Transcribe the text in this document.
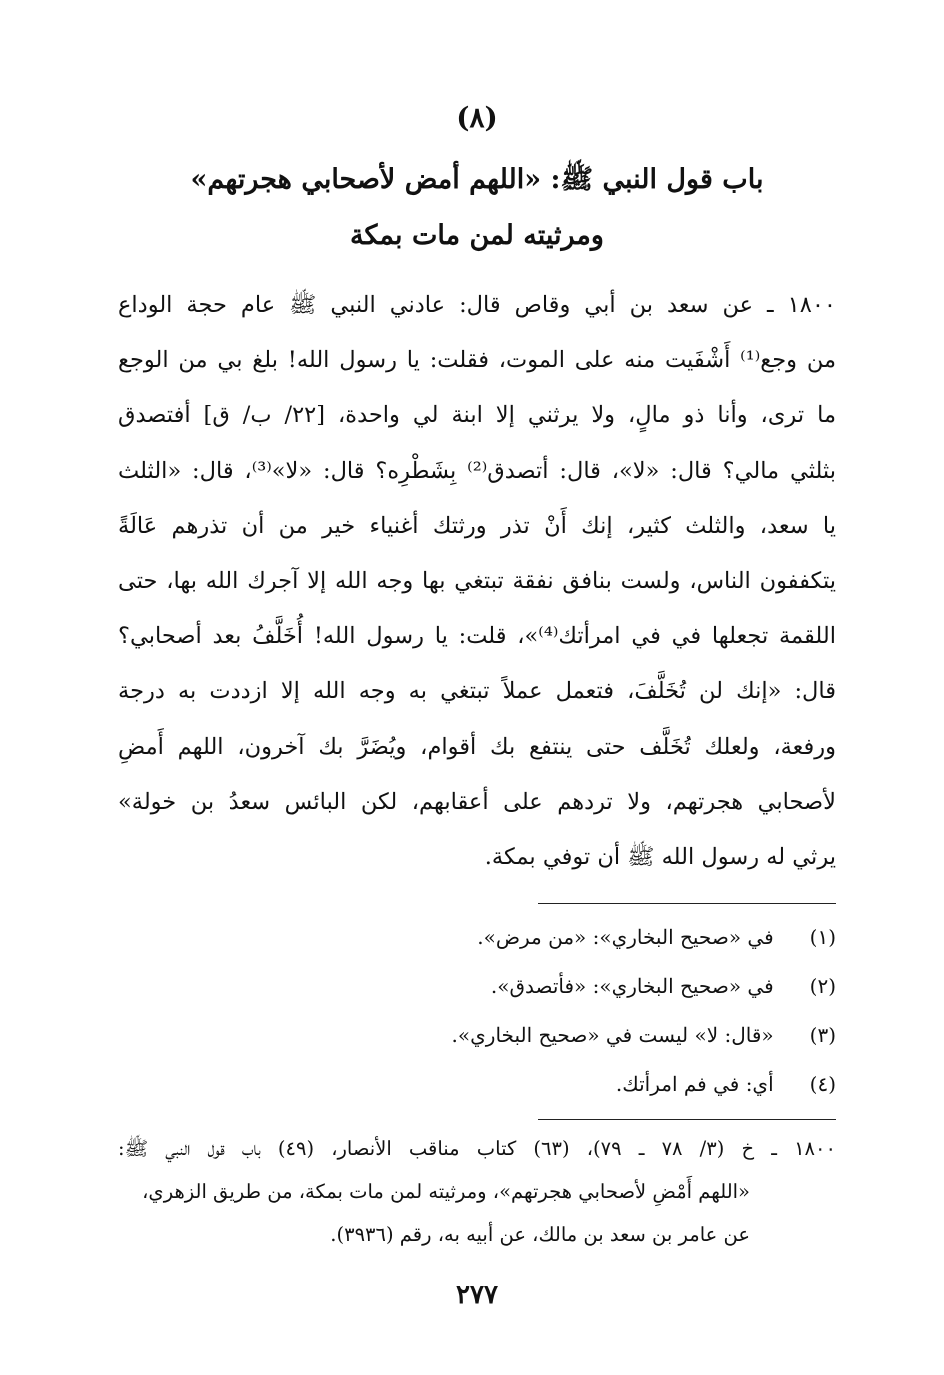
(٨)
باب قول النبي ﷺ: «اللهم أمض لأصحابي هجرتهم»
ومرثيته لمن مات بمكة
١٨٠٠ ـ عن سعد بن أبي وقاص قال: عادني النبي ﷺ عام حجة الوداع
من وجع⁽¹⁾ أَشْفَيت منه على الموت، فقلت: يا رسول الله! بلغ بي من الوجع
ما ترى، وأنا ذو مالٍ، ولا يرثني إلا ابنة لي واحدة، [٢٢/ ب/ ق] أفتصدق
بثلثي مالي؟ قال: «لا»، قال: أتصدق⁽²⁾ بِشَطْرِه؟ قال: «لا»⁽³⁾، قال: «الثلث
يا سعد، والثلث كثير، إنك أَنْ تذر ورثتك أغنياء خير من أن تذرهم عَالَةً
يتكففون الناس، ولست بنافق نفقة تبتغي بها وجه الله إلا آجرك الله بها، حتى
اللقمة تجعلها في في امرأتك⁽⁴⁾»، قلت: يا رسول الله! أُخَلَّفُ بعد أصحابي؟
قال: «إنك لن تُخَلَّفَ، فتعمل عملاً تبتغي به وجه الله إلا ازددت به درجة
ورفعة، ولعلك تُخَلَّف حتى ينتفع بك أقوام، ويُضَرَّ بك آخرون، اللهم أَمضِ
لأصحابي هجرتهم، ولا تردهم على أعقابهم، لكن البائس سعدُ بن خولة»
يرثي له رسول الله ﷺ أن توفي بمكة.
(١) في «صحيح البخاري»: «من مرض».
(٢) في «صحيح البخاري»: «فأتصدق».
(٣) «قال: لا» ليست في «صحيح البخاري».
(٤) أي: في فم امرأتك.
١٨٠٠ ـ خ (٣/ ٧٨ ـ ٧٩)، (٦٣) كتاب مناقب الأنصار، (٤٩) باب قول النبي ﷺ:
«اللهم أَمْضِ لأصحابي هجرتهم»، ومرثيته لمن مات بمكة، من طريق الزهري،
عن عامر بن سعد بن مالك، عن أبيه به، رقم (٣٩٣٦).
٢٧٧
